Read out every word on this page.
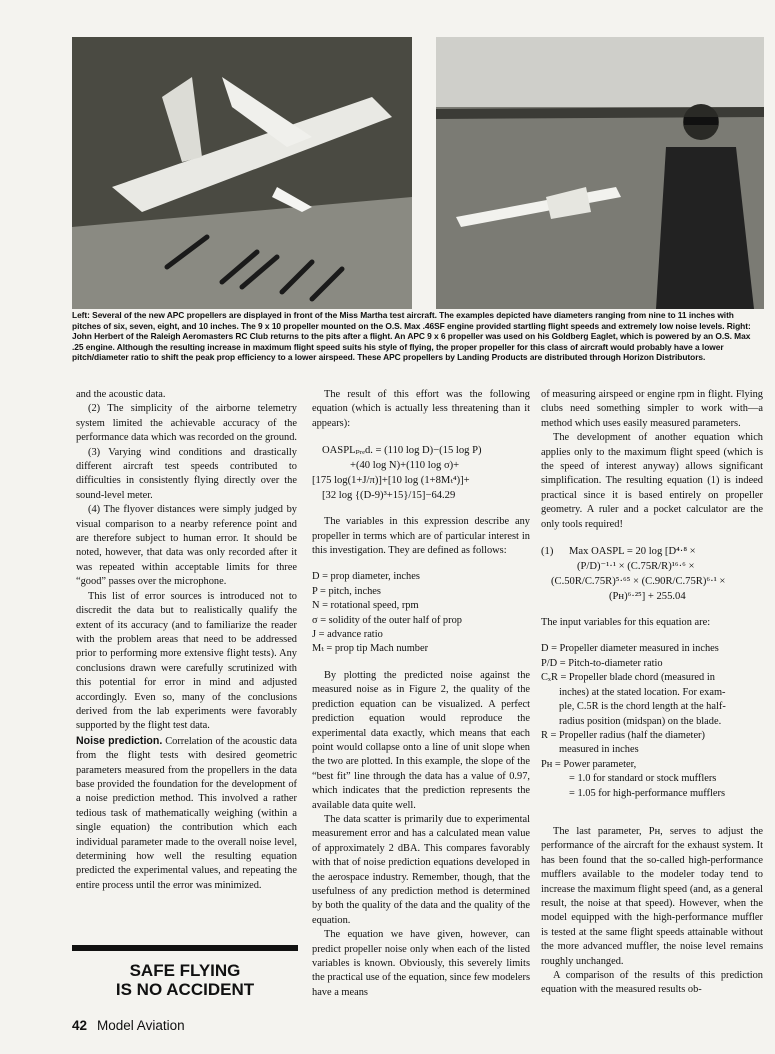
Left: Several of the new APC propellers are displayed in front of the Miss Martha test aircraft. The examples depicted have diameters ranging from nine to 11 inches with pitches of six, seven, eight, and 10 inches. The 9 x 10 propeller mounted on the O.S. Max .46SF engine provided startling flight speeds and extremely low noise levels. Right: John Herbert of the Raleigh Aeromasters RC Club returns to the pits after a flight. An APC 9 x 6 propeller was used on his Goldberg Eaglet, which is powered by an O.S. Max .25 engine. Although the resulting increase in maximum flight speed suits his style of flying, the proper propeller for this class of aircraft would probably have a lower pitch/diameter ratio to shift the peak prop efficiency to a lower airspeed. These APC propellers by Landing Products are distributed through Horizon Distributors.

and the acoustic data.

(2) The simplicity of the airborne telemetry system limited the achievable accuracy of the performance data which was recorded on the ground.

(3) Varying wind conditions and drastically different aircraft test speeds contributed to difficulties in consistently flying directly over the sound-level meter.

(4) The flyover distances were simply judged by visual comparison to a nearby reference point and are therefore subject to human error. It should be noted, however, that data was only recorded after it was repeated within acceptable limits for three “good” passes over the microphone.

This list of error sources is introduced not to discredit the data but to realistically qualify the extent of its accuracy (and to familiarize the reader with the problem areas that need to be addressed prior to performing more extensive flight tests). Any conclusions drawn were carefully scrutinized with this potential for error in mind and adjusted accordingly. Even so, many of the conclusions derived from the lab experiments were favorably supported by the flight test data.

Noise prediction. Correlation of the acoustic data from the flight tests with desired geometric parameters measured from the propellers in the data base provided the foundation for the development of a noise prediction method. This involved a rather tedious task of mathematically weighing (within a single equation) the contribution which each individual parameter made to the overall noise level, determining how well the resulting equation predicted the experimental values, and repeating the entire process until the error was minimized.

SAFE FLYING
IS NO ACCIDENT

The result of this effort was the following equation (which is actually less threatening than it appears):

OASPLₚᵣₑd. = (110 log D)−(15 log P)
+(40 log N)+(110 log σ)+
[175 log(1+J/π)]+[10 log (1+8Mₜ⁴)]+
[32 log {(D-9)³+15}/15]−64.29

The variables in this expression describe any propeller in terms which are of particular interest in this investigation. They are defined as follows:

D = prop diameter, inches
P = pitch, inches
N = rotational speed, rpm
σ = solidity of the outer half of prop
J = advance ratio
Mₜ = prop tip Mach number

By plotting the predicted noise against the measured noise as in Figure 2, the quality of the prediction equation can be visualized. A perfect prediction equation would reproduce the experimental data exactly, which means that each point would collapse onto a line of unit slope when the two are plotted. In this example, the slope of the “best fit” line through the data has a value of 0.97, which indicates that the prediction represents the available data quite well.

The data scatter is primarily due to experimental measurement error and has a calculated mean value of approximately 2 dBA. This compares favorably with that of noise prediction equations developed in the aerospace industry. Remember, though, that the usefulness of any prediction method is determined by both the quality of the data and the quality of the equation.

The equation we have given, however, can predict propeller noise only when each of the listed variables is known. Obviously, this severely limits the practical use of the equation, since few modelers have a means

of measuring airspeed or engine rpm in flight. Flying clubs need something simpler to work with—a method which uses easily measured parameters.

The development of another equation which applies only to the maximum flight speed (which is the speed of interest anyway) allows significant simplification. The resulting equation (1) is indeed practical since it is based entirely on propeller geometry. A ruler and a pocket calculator are the only tools required!

(1) Max OASPL = 20 log [D⁴·⁸ ×
(P/D)⁻¹·¹ × (C.75R/R)¹⁶·⁶ ×
(C.50R/C.75R)⁵·⁶⁵ × (C.90R/C.75R)⁶·¹ ×
(Pʜ)⁶·²⁵] + 255.04

The input variables for this equation are:

D = Propeller diameter measured in inches
P/D = Pitch-to-diameter ratio
CₓR = Propeller blade chord (measured in
inches) at the stated location. For exam-
ple, C.5R is the chord length at the half-
radius position (midspan) on the blade.
R = Propeller radius (half the diameter)
measured in inches
Pʜ = Power parameter,
= 1.0 for standard or stock mufflers
= 1.05 for high-performance mufflers

The last parameter, Pʜ, serves to adjust the performance of the aircraft for the exhaust system. It has been found that the so-called high-performance mufflers available to the modeler today tend to increase the maximum flight speed (and, as a general result, the noise at that speed). However, when the model equipped with the high-performance muffler is tested at the same flight speeds attainable without the more advanced muffler, the noise level remains roughly unchanged.

A comparison of the results of this prediction equation with the measured results ob-

42 Model Aviation
